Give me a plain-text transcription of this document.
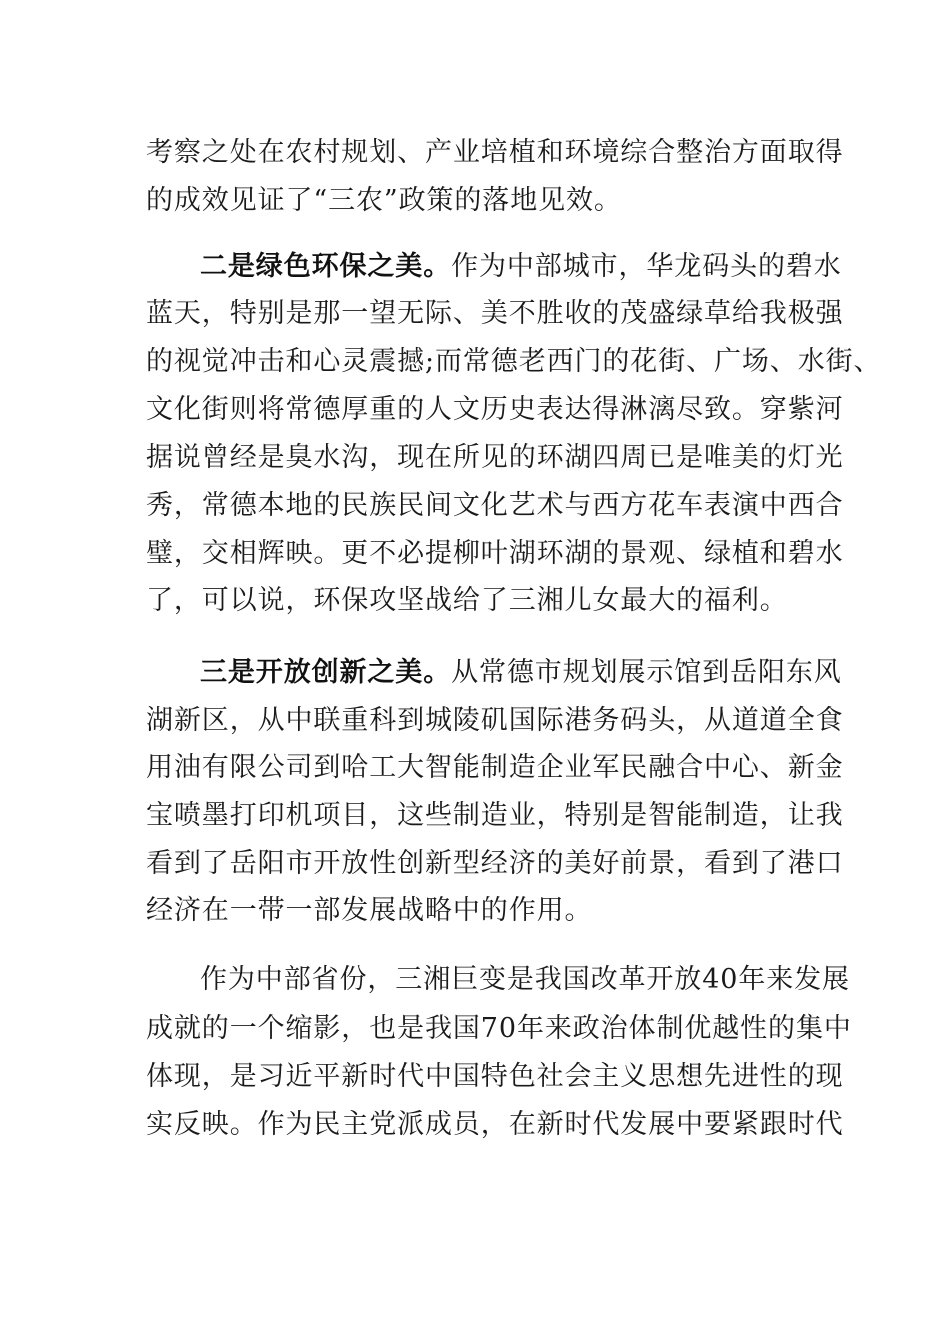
考察之处在农村规划、产业培植和环境综合整治方面取得
的成效见证了“三农”政策的落地见效。
二是绿色环保之美。作为中部城市，华龙码头的碧水
蓝天，特别是那一望无际、美不胜收的茂盛绿草给我极强
的视觉冲击和心灵震撼;而常德老西门的花街、广场、水街、
文化街则将常德厚重的人文历史表达得淋漓尽致。穿紫河
据说曾经是臭水沟，现在所见的环湖四周已是唯美的灯光
秀，常德本地的民族民间文化艺术与西方花车表演中西合
璧，交相辉映。更不必提柳叶湖环湖的景观、绿植和碧水
了，可以说，环保攻坚战给了三湘儿女最大的福利。
三是开放创新之美。从常德市规划展示馆到岳阳东风
湖新区，从中联重科到城陵矶国际港务码头，从道道全食
用油有限公司到哈工大智能制造企业军民融合中心、新金
宝喷墨打印机项目，这些制造业，特别是智能制造，让我
看到了岳阳市开放性创新型经济的美好前景，看到了港口
经济在一带一部发展战略中的作用。
作为中部省份，三湘巨变是我国改革开放40年来发展
成就的一个缩影，也是我国70年来政治体制优越性的集中
体现，是习近平新时代中国特色社会主义思想先进性的现
实反映。作为民主党派成员，在新时代发展中要紧跟时代
